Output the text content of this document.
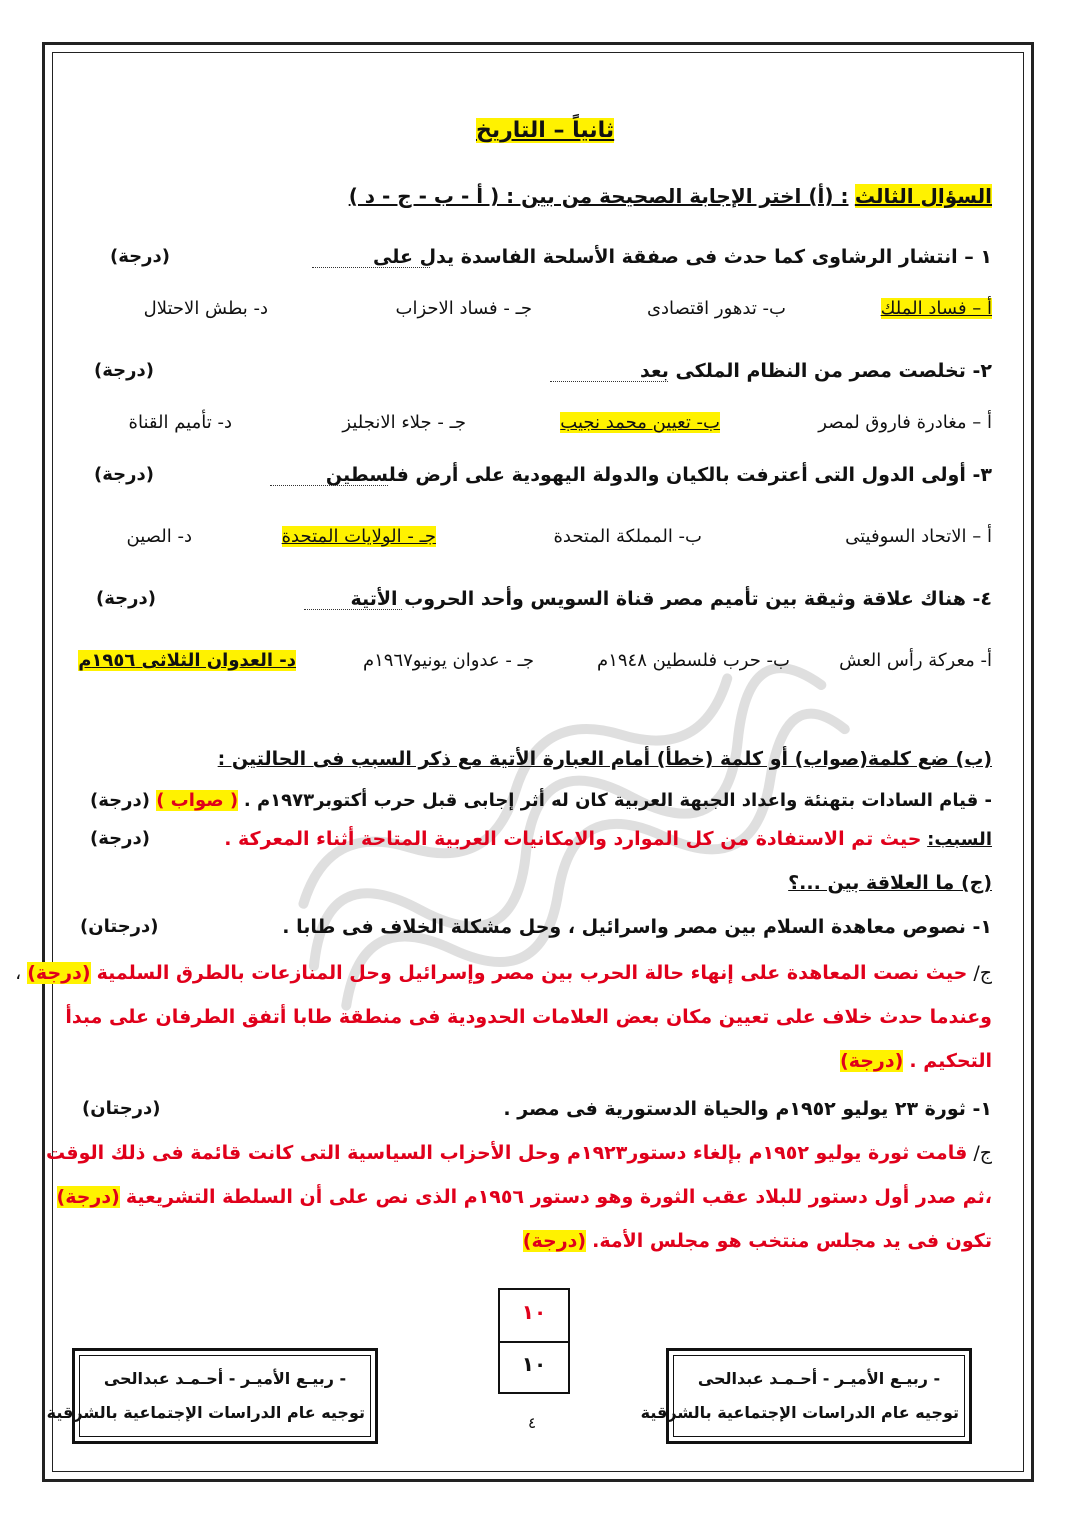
ثانياً – التاريخ
السؤال الثالث : (أ) اختر الإجابة الصحيحة من بين : ( أ - ب - ج - د )
١ – انتشار الرشاوى كما حدث فى صفقة الأسلحة الفاسدة يدل على
(درجة)
أ – فساد الملك
ب- تدهور اقتصادى
جـ - فساد الاحزاب
د- بطش الاحتلال
٢- تخلصت مصر من النظام الملكى بعد
(درجة)
أ – مغادرة فاروق لمصر
ب- تعيين محمد نجيب
جـ - جلاء الانجليز
د- تأميم القناة
٣- أولى الدول التى أعترفت بالكيان والدولة اليهودية على أرض فلسطين
(درجة)
أ – الاتحاد السوفيتى
ب- المملكة المتحدة
جـ - الولايات المتحدة
د- الصين
٤- هناك علاقة وثيقة بين تأميم مصر قناة السويس وأحد الحروب الأتية
(درجة)
أ- معركة رأس العش
ب- حرب فلسطين ١٩٤٨م
جـ - عدوان يونيو١٩٦٧م
د- العدوان الثلاثى ١٩٥٦م
(ب) ضع كلمة(صواب) أو كلمة (خطأ) أمام العبارة الأتية مع ذكر السبب فى الحالتين :
- قيام السادات بتهنئة واعداد الجبهة العربية كان له أثر إجابى قبل حرب أكتوبر١٩٧٣م . ( صواب )
(درجة)
السبب: حيث تم الاستفادة من كل الموارد والامكانيات العربية المتاحة أثناء المعركة .
(درجة)
(ج) ما العلاقة بين ...؟
١- نصوص معاهدة السلام بين مصر واسرائيل ، وحل مشكلة الخلاف فى طابا .
(درجتان)
ج/ حيث نصت المعاهدة على إنهاء حالة الحرب بين مصر وإسرائيل وحل المنازعات بالطرق السلمية (درجة) ،
وعندما حدث خلاف على تعيين مكان بعض العلامات الحدودية فى منطقة طابا أتفق الطرفان على مبدأ
التحكيم . (درجة)
١- ثورة ٢٣ يوليو ١٩٥٢م والحياة الدستورية فى مصر .
(درجتان)
ج/ قامت ثورة يوليو ١٩٥٢م بإلغاء دستور١٩٢٣م وحل الأحزاب السياسية التى كانت قائمة فى ذلك الوقت
،ثم صدر أول دستور للبلاد عقب الثورة وهو دستور ١٩٥٦م الذى نص على أن السلطة التشريعية (درجة)
تكون فى يد مجلس منتخب هو مجلس الأمة. (درجة)
١٠
١٠
٤
- ربيـع الأميـر - أحـمـد عبدالحى
توجيه عام الدراسات الإجتماعية بالشرقية
- ربيـع الأميـر - أحـمـد عبدالحى
توجيه عام الدراسات الإجتماعية بالشرقية
